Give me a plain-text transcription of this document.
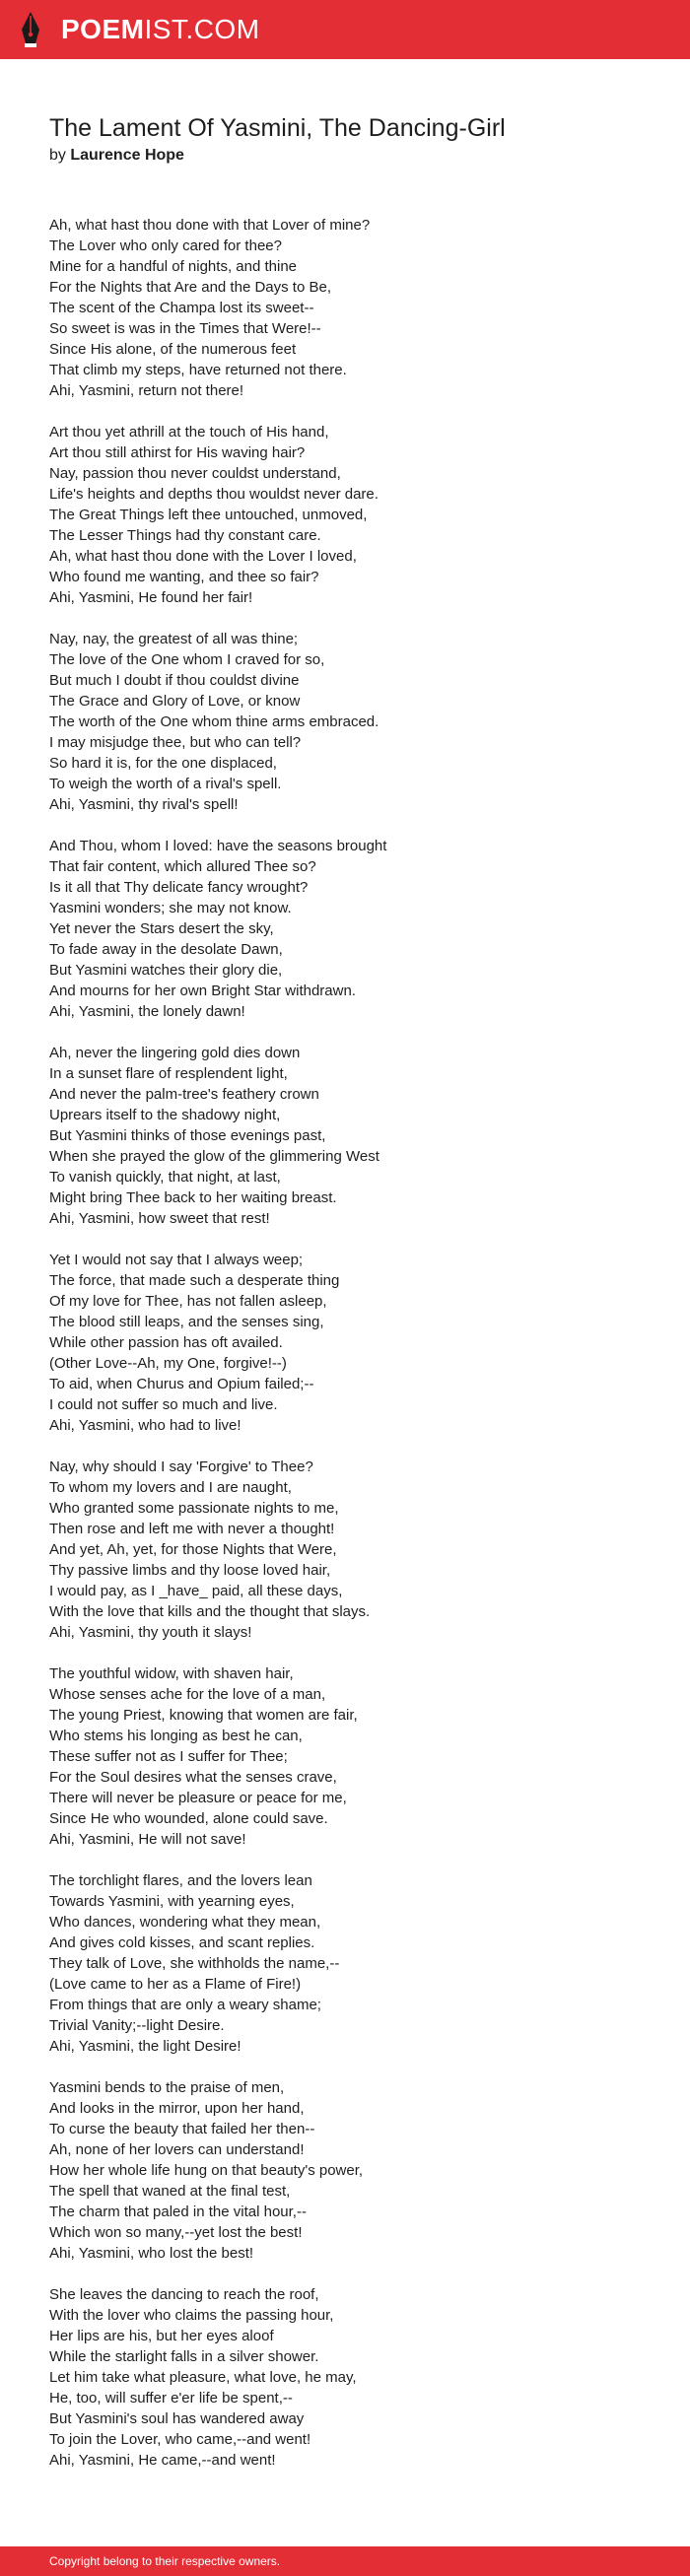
POEMIST.COM
The Lament Of Yasmini, The Dancing-Girl
by Laurence Hope
Ah, what hast thou done with that Lover of mine?
The Lover who only cared for thee?
Mine for a handful of nights, and thine
For the Nights that Are and the Days to Be,
The scent of the Champa lost its sweet--
So sweet is was in the Times that Were!--
Since His alone, of the numerous feet
That climb my steps, have returned not there.
Ahi, Yasmini, return not there!
Art thou yet athrill at the touch of His hand,
Art thou still athirst for His waving hair?
Nay, passion thou never couldst understand,
Life's heights and depths thou wouldst never dare.
The Great Things left thee untouched, unmoved,
The Lesser Things had thy constant care.
Ah, what hast thou done with the Lover I loved,
Who found me wanting, and thee so fair?
Ahi, Yasmini, He found her fair!
Nay, nay, the greatest of all was thine;
The love of the One whom I craved for so,
But much I doubt if thou couldst divine
The Grace and Glory of Love, or know
The worth of the One whom thine arms embraced.
I may misjudge thee, but who can tell?
So hard it is, for the one displaced,
To weigh the worth of a rival's spell.
Ahi, Yasmini, thy rival's spell!
And Thou, whom I loved: have the seasons brought
That fair content, which allured Thee so?
Is it all that Thy delicate fancy wrought?
Yasmini wonders; she may not know.
Yet never the Stars desert the sky,
To fade away in the desolate Dawn,
But Yasmini watches their glory die,
And mourns for her own Bright Star withdrawn.
Ahi, Yasmini, the lonely dawn!
Ah, never the lingering gold dies down
In a sunset flare of resplendent light,
And never the palm-tree's feathery crown
Uprears itself to the shadowy night,
But Yasmini thinks of those evenings past,
When she prayed the glow of the glimmering West
To vanish quickly, that night, at last,
Might bring Thee back to her waiting breast.
Ahi, Yasmini, how sweet that rest!
Yet I would not say that I always weep;
The force, that made such a desperate thing
Of my love for Thee, has not fallen asleep,
The blood still leaps, and the senses sing,
While other passion has oft availed.
(Other Love--Ah, my One, forgive!--)
To aid, when Churus and Opium failed;--
I could not suffer so much and live.
Ahi, Yasmini, who had to live!
Nay, why should I say 'Forgive' to Thee?
To whom my lovers and I are naught,
Who granted some passionate nights to me,
Then rose and left me with never a thought!
And yet, Ah, yet, for those Nights that Were,
Thy passive limbs and thy loose loved hair,
I would pay, as I _have_ paid, all these days,
With the love that kills and the thought that slays.
Ahi, Yasmini, thy youth it slays!
The youthful widow, with shaven hair,
Whose senses ache for the love of a man,
The young Priest, knowing that women are fair,
Who stems his longing as best he can,
These suffer not as I suffer for Thee;
For the Soul desires what the senses crave,
There will never be pleasure or peace for me,
Since He who wounded, alone could save.
Ahi, Yasmini, He will not save!
The torchlight flares, and the lovers lean
Towards Yasmini, with yearning eyes,
Who dances, wondering what they mean,
And gives cold kisses, and scant replies.
They talk of Love, she withholds the name,--
(Love came to her as a Flame of Fire!)
From things that are only a weary shame;
Trivial Vanity;--light Desire.
Ahi, Yasmini, the light Desire!
Yasmini bends to the praise of men,
And looks in the mirror, upon her hand,
To curse the beauty that failed her then--
Ah, none of her lovers can understand!
How her whole life hung on that beauty's power,
The spell that waned at the final test,
The charm that paled in the vital hour,--
Which won so many,--yet lost the best!
Ahi, Yasmini, who lost the best!
She leaves the dancing to reach the roof,
With the lover who claims the passing hour,
Her lips are his, but her eyes aloof
While the starlight falls in a silver shower.
Let him take what pleasure, what love, he may,
He, too, will suffer e'er life be spent,--
But Yasmini's soul has wandered away
To join the Lover, who came,--and went!
Ahi, Yasmini, He came,--and went!
Copyright belong to their respective owners.
